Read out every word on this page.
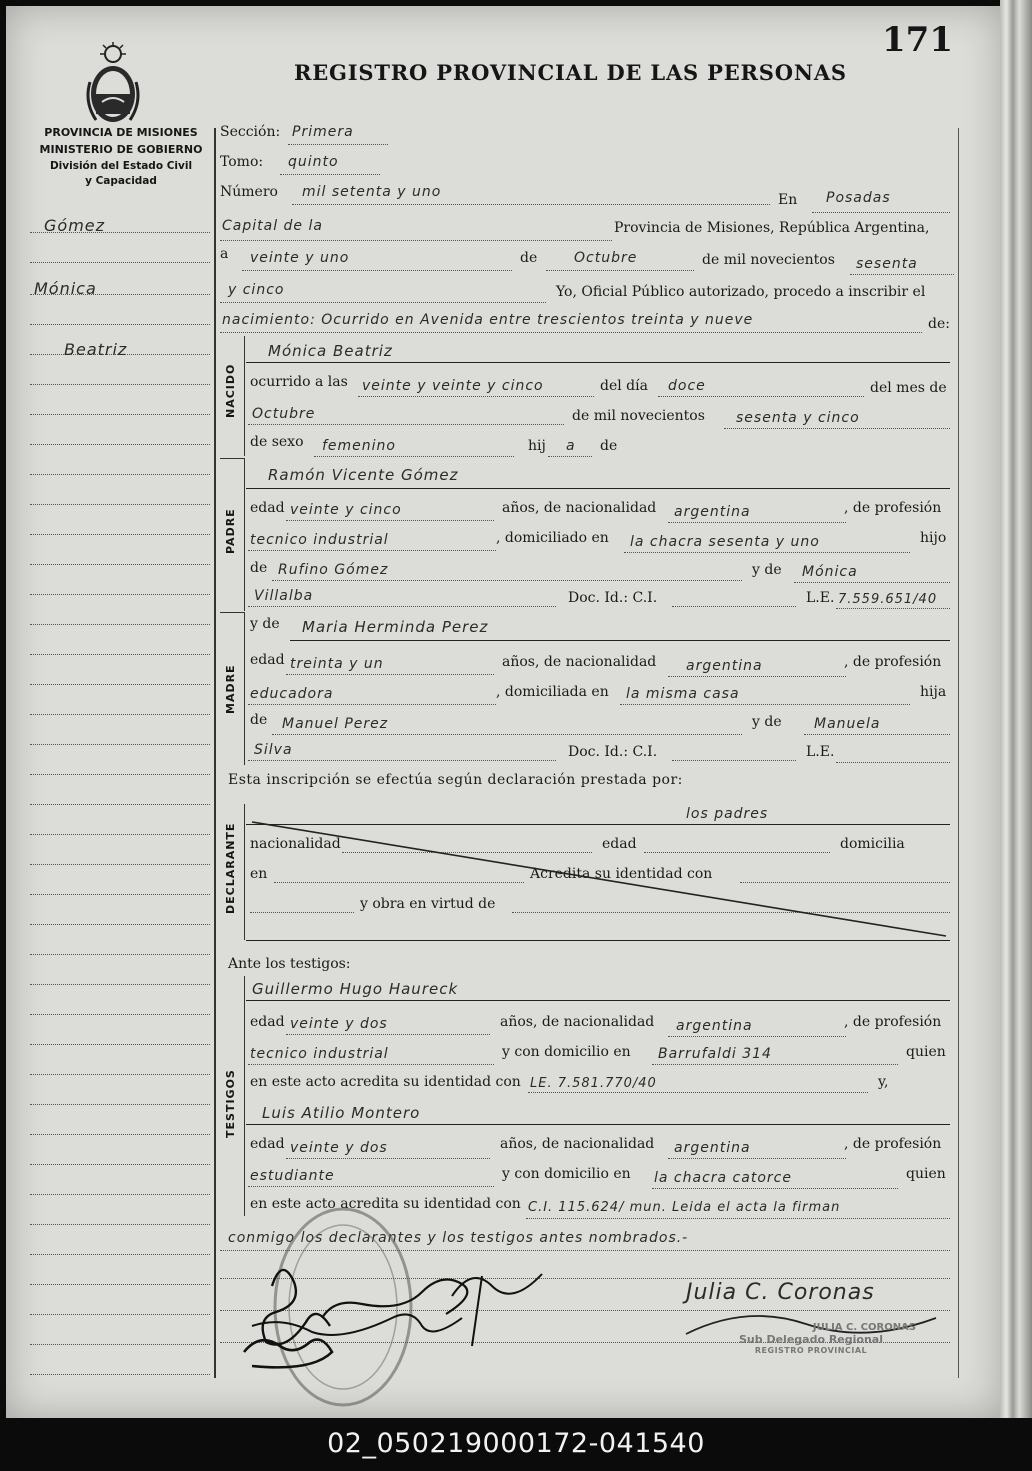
171
REGISTRO PROVINCIAL DE LAS PERSONAS
PROVINCIA DE MISIONES
MINISTERIO DE GOBIERNO
División del Estado Civil
y Capacidad
Gómez
Mónica
Beatriz
Sección: Primera
Tomo: quinto
Número mil setenta y uno	En Posadas
Capital de la	Provincia de Misiones, República Argentina,
a veinte y uno	de	Octubre	de mil novecientos sesenta
y cinco	Yo, Oficial Público autorizado, procedo a inscribir el
nacimiento: Ocurrido en Avenida entre trescientos treinta y nueve	de:
NACIDO
Mónica Beatriz
ocurrido a las veinte y veinte y cinco	del día doce	del mes de
Octubre	de mil novecientos sesenta y cinco
de sexo femenino	hij a de
PADRE
Ramón Vicente Gómez
edad veinte y cinco	años, de nacionalidad argentina	, de profesión
tecnico industrial	, domiciliado en la chacra sesenta y uno	hijo
de Rufino Gómez	y de Mónica
Villalba	Doc. Id.: C.I.	L.E. 7.559.651/40
MADRE
y de Maria Herminda Perez
edad treinta y un	años, de nacionalidad argentina	, de profesión
educadora	, domiciliada en la misma casa	hija
de Manuel Perez	y de Manuela
Silva	Doc. Id.: C.I.	L.E.
Esta inscripción se efectúa según declaración prestada por:
los padres
DECLARANTE nacionalidad	edad	domicilia
en	Acredita su identidad con
y obra en virtud de
Ante los testigos:
TESTIGOS
Guillermo Hugo Haureck
edad veinte y dos	años, de nacionalidad argentina	, de profesión
tecnico industrial	y con domicilio en Barrufaldi 314	quien
en este acto acredita su identidad con LE. 7.581.770/40	y,
Luis Atilio Montero
edad veinte y dos	años, de nacionalidad argentina	, de profesión
estudiante	y con domicilio en la chacra catorce	quien
en este acto acredita su identidad con C.I. 115.624/ mun. Leida el acta la firman
conmigo los declarantes y los testigos antes nombrados.-
Julia C. Coronas
JULIA C. CORONAS
Sub Delegado Regional
REGISTRO PROVINCIAL
02_050219000172-041540
